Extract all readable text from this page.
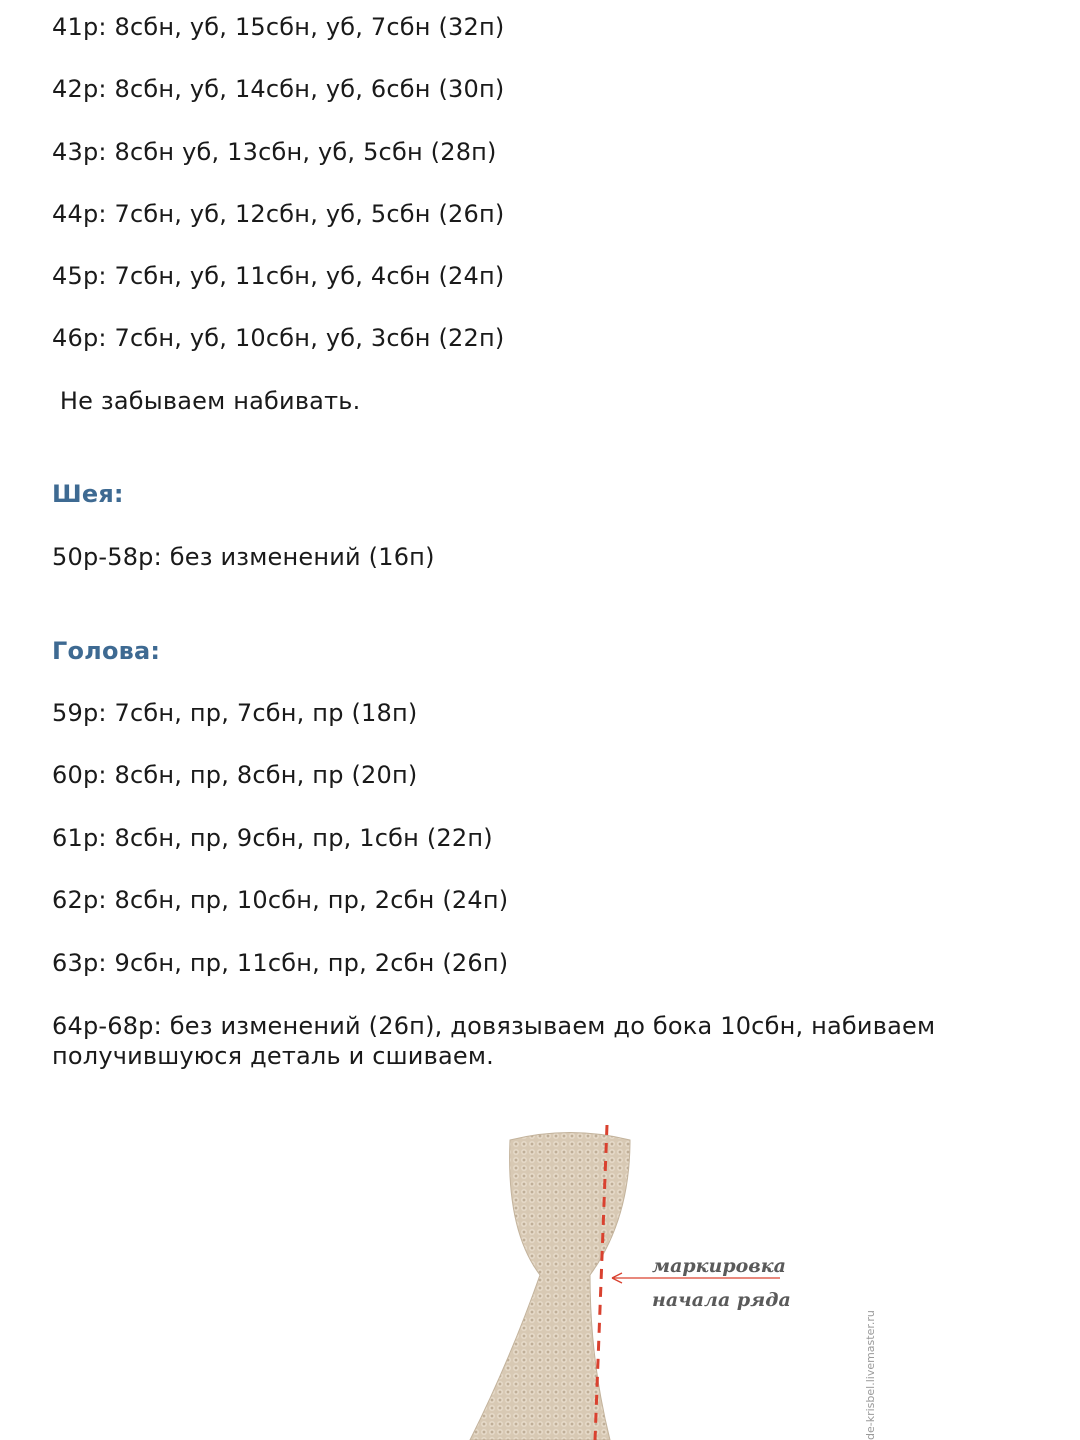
41р: 8сбн, уб, 15сбн, уб, 7сбн (32п)
42р: 8сбн, уб, 14сбн, уб, 6сбн (30п)
43р: 8сбн уб, 13сбн, уб, 5сбн (28п)
44р: 7сбн, уб, 12сбн, уб, 5сбн (26п)
45р: 7сбн, уб, 11сбн, уб, 4сбн (24п)
46р: 7сбн, уб, 10сбн, уб, 3сбн (22п)
Не забываем набивать.
Шея:
50р-58р: без изменений (16п)
Голова:
59р: 7сбн, пр, 7сбн, пр (18п)
60р: 8сбн, пр, 8сбн, пр (20п)
61р: 8сбн, пр, 9сбн, пр, 1сбн (22п)
62р: 8сбн, пр, 10сбн, пр, 2сбн (24п)
63р: 9сбн, пр, 11сбн, пр, 2сбн (26п)
64р-68р: без изменений (26п), довязываем до бока 10сбн, набиваем получившуюся деталь и сшиваем.
маркировка
начала ряда
de-krisbel.livemaster.ru
